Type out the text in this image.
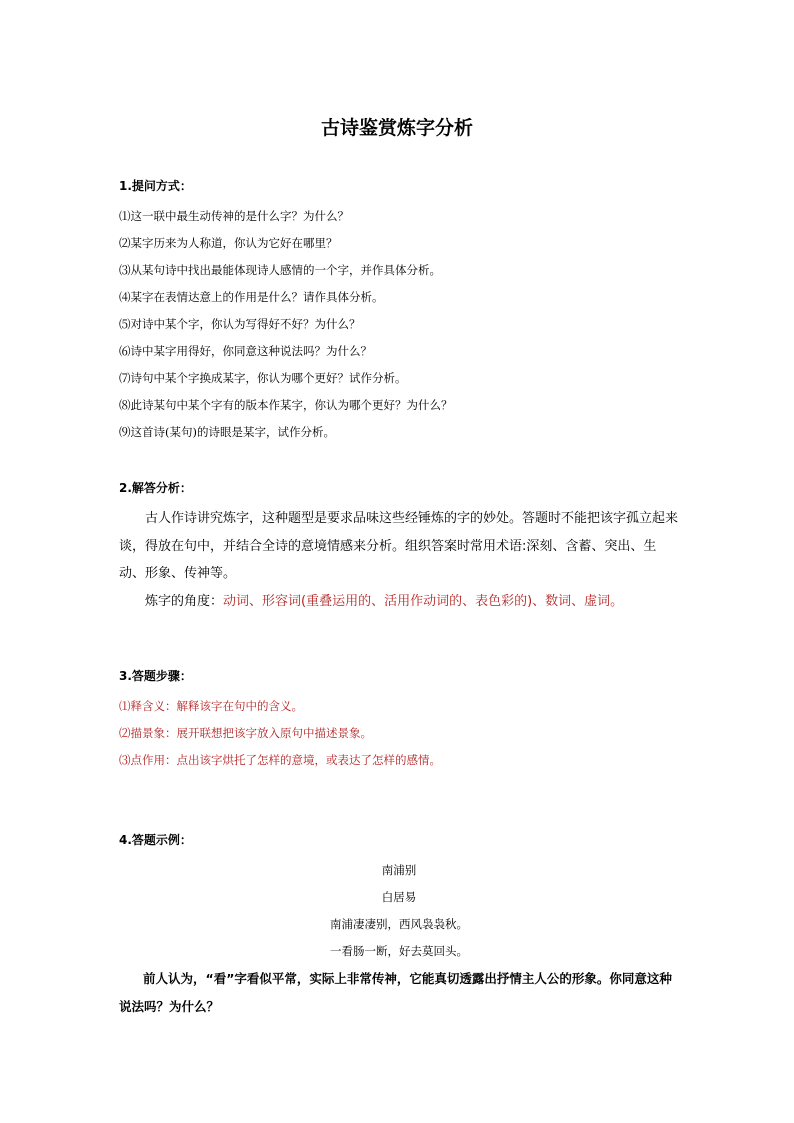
古诗鉴赏炼字分析

1.提问方式：

⑴这一联中最生动传神的是什么字？为什么？
⑵某字历来为人称道，你认为它好在哪里？
⑶从某句诗中找出最能体现诗人感情的一个字，并作具体分析。
⑷某字在表情达意上的作用是什么？请作具体分析。
⑸对诗中某个字，你认为写得好不好？为什么？
⑹诗中某字用得好，你同意这种说法吗？为什么？
⑺诗句中某个字换成某字，你认为哪个更好？试作分析。
⑻此诗某句中某个字有的版本作某字，你认为哪个更好？为什么？
⑼这首诗(某句)的诗眼是某字，试作分析。

2.解答分析：

古人作诗讲究炼字，这种题型是要求品味这些经锤炼的字的妙处。答题时不能把该字孤立起来谈，得放在句中，并结合全诗的意境情感来分析。组织答案时常用术语:深刻、含蓄、突出、生动、形象、传神等。

炼字的角度：动词、形容词(重叠运用的、活用作动词的、表色彩的)、数词、虚词。

3.答题步骤：

⑴释含义：解释该字在句中的含义。
⑵描景象：展开联想把该字放入原句中描述景象。
⑶点作用：点出该字烘托了怎样的意境，或表达了怎样的感情。

4.答题示例：

南浦别

白居易

南浦凄凄别，西风袅袅秋。

一看肠一断，好去莫回头。

前人认为，“看”字看似平常，实际上非常传神，它能真切透露出抒情主人公的形象。你同意这种说法吗？为什么？
